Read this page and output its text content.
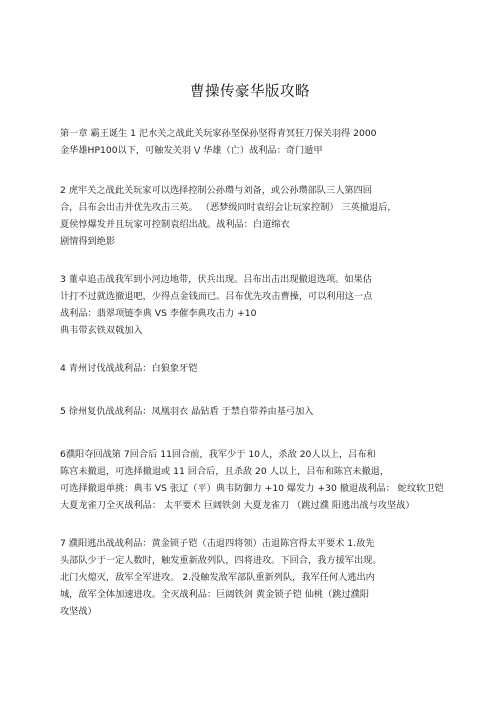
曹操传豪华版攻略
第一章 霸王诞生 1 汜水关之战此关玩家孙坚保孙坚得青冥狂刀保关羽得 2000
金华雄HP100以下，可触发关羽 \/ 华雄（亡）战利品：奇门遁甲
2 虎牢关之战此关玩家可以选择控制公孙瓒与刘备，或公孙瓒部队三人第四回
合，吕布会出击并优先攻击三英。 （恶梦级同时袁绍会让玩家控制） 三英撤退后，
夏侯惇爆发并且玩家可控制袁绍出战。战利品：白道绵衣
剧情得到绝影
3 董卓追击战我军到小河边地带，伏兵出现。吕布出击出现撤退选项。如果估
计打不过就选撤退吧，少得点金钱而已。吕布优先攻击曹操，可以利用这一点
战利品：翡翠项链李典 VS 李催李典攻击力 +10
典韦带玄铁双戟加入
4 青州讨伐战战利品：白狼象牙铠
5 徐州复仇战战利品：凤凰羽衣 晶钻盾 于禁自带养由基弓加入
6濮阳夺回战第 7回合后 11回合前，我军少于 10人，杀敌 20人以上，吕布和
陈宫未撤退，可选择撤退或 11 回合后，且杀敌 20 人以上，吕布和陈宫未撤退，
可选择撤退单挑：典韦 VS 张辽（平）典韦防御力 +10 爆发力 +30 撤退战利品： 蛇纹软卫铠
大夏龙雀刀全灭战利品： 太平要术 巨阔铁剑 大夏龙雀刀 （跳过濮 阳逃出战与攻坚战）
7 濮阳逃出战战利品：黄金锁子铠（击退四将领）击退陈宫得太平要术 1.敌先
头部队少于一定人数时，触发重新敌列队，四将进攻。下回合，我方援军出现。
北门火熄灭，敌军全军进攻。 2.没触发敌军部队重新列队，我军任何人逃出内
城，敌军全体加速进攻。全灭战利品：巨阔铁剑 黄金锁子铠 仙桃（跳过濮阳
攻坚战）
